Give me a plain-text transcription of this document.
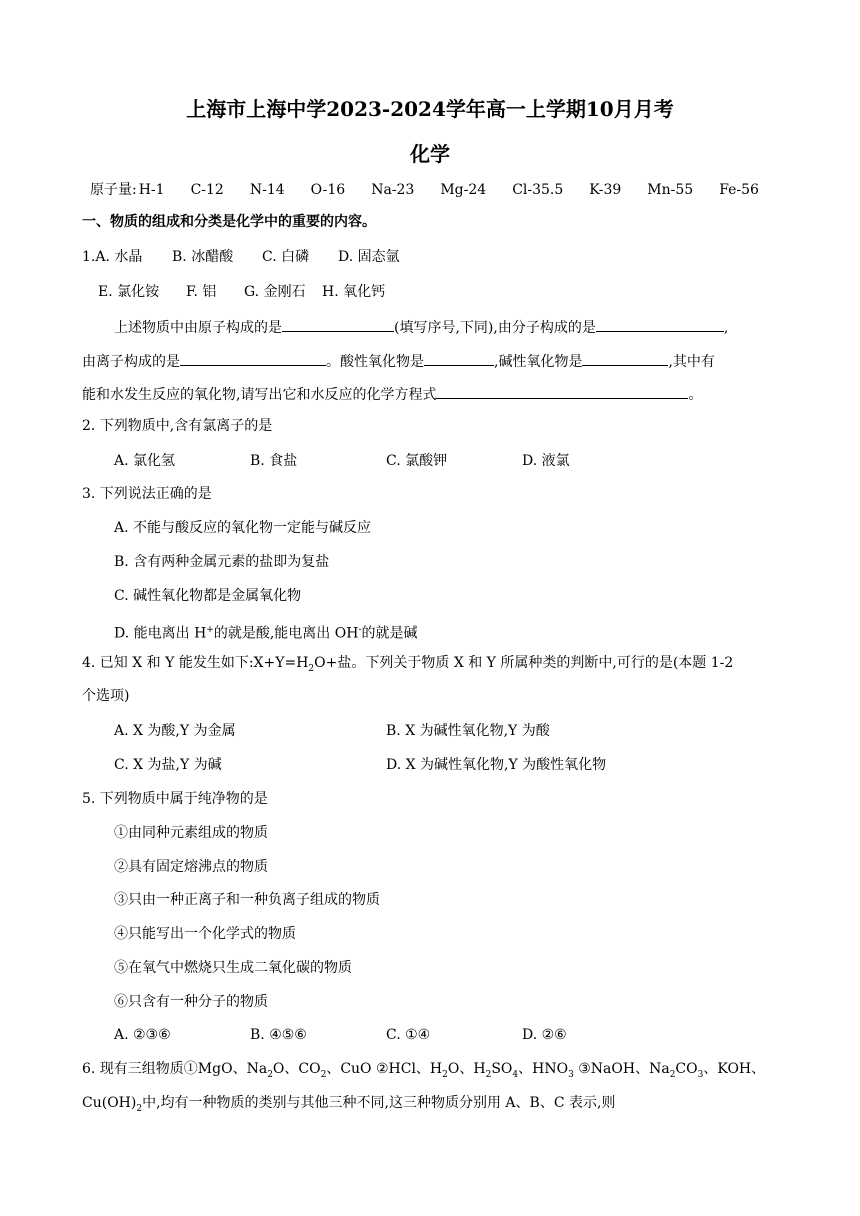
上海市上海中学2023-2024学年高一上学期10月月考
化学
原子量: H-1 C-12 N-14 O-16 Na-23 Mg-24 Cl-35.5 K-39 Mn-55 Fe-56
一、物质的组成和分类是化学中的重要的内容。
1.A. 水晶 B. 冰醋酸 C. 白磷 D. 固态氩
E. 氯化铵 F. 铝 G. 金刚石 H. 氧化钙
上述物质中由原子构成的是	(填写序号,下同),由分子构成的是	,
由离子构成的是	。酸性氧化物是	,碱性氧化物是	,其中有
能和水发生反应的氧化物,请写出它和水反应的化学方程式	。
2. 下列物质中,含有氯离子的是
A. 氯化氢	B. 食盐	C. 氯酸钾	D. 液氯
3. 下列说法正确的是
A. 不能与酸反应的氧化物一定能与碱反应
B. 含有两种金属元素的盐即为复盐
C. 碱性氧化物都是金属氧化物
D. 能电离出 H+的就是酸,能电离出 OH-的就是碱
4. 已知 X 和 Y 能发生如下$:X+Y=H_2O+$盐。下列关于物质 X 和 Y 所属种类的判断中,可行的是(本题 1-2
个选项)
A. X 为酸,Y 为金属	B. X 为碱性氧化物,Y 为酸
C. X 为盐,Y 为碱	D. X 为碱性氧化物,Y 为酸性氧化物
5. 下列物质中属于纯净物的是
①由同种元素组成的物质
②具有固定熔沸点的物质
③只由一种正离子和一种负离子组成的物质
④只能写出一个化学式的物质
⑤在氧气中燃烧只生成二氧化碳的物质
⑥只含有一种分子的物质
A. ②③⑥	B. ④⑤⑥	C. ①④	D. ②⑥
6. 现有三组物质①MgO、$Na_2O$、$CO_2$、CuO ②HCl、$H_2O$、$H_2SO_4$、$HNO_3$ ③NaOH、$Na_2CO_3$、KOH、
$Cu(OH)_2$中,均有一种物质的类别与其他三种不同,这三种物质分别用 A、B、C 表示,则
